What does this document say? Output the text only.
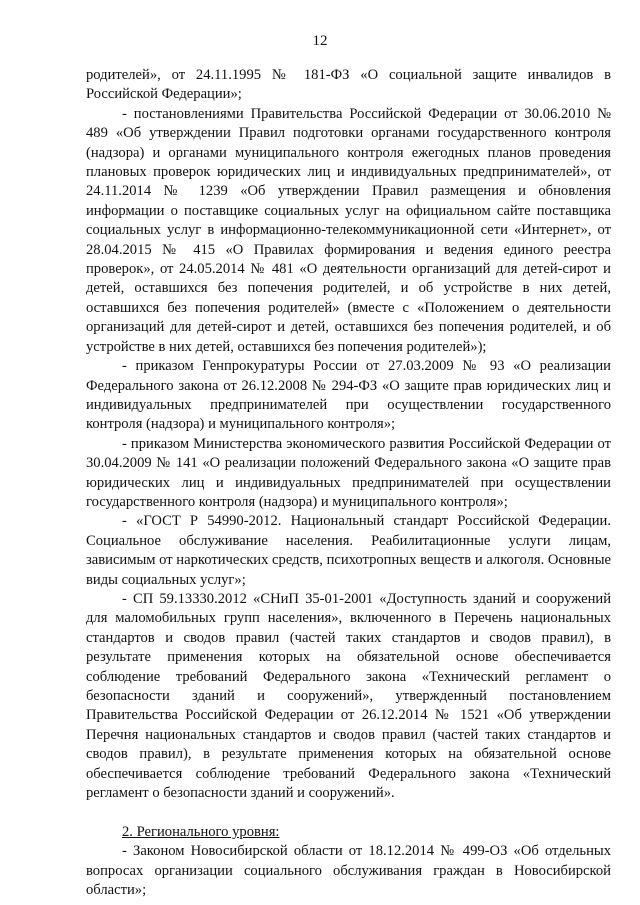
12

родителей», от 24.11.1995 № 181-ФЗ «О социальной защите инвалидов в Российской Федерации»;

- постановлениями Правительства Российской Федерации от 30.06.2010 № 489 «Об утверждении Правил подготовки органами государственного контроля (надзора) и органами муниципального контроля ежегодных планов проведения плановых проверок юридических лиц и индивидуальных предпринимателей», от 24.11.2014 № 1239 «Об утверждении Правил размещения и обновления информации о поставщике социальных услуг на официальном сайте поставщика социальных услуг в информационно-телекоммуникационной сети «Интернет», от 28.04.2015 № 415 «О Правилах формирования и ведения единого реестра проверок», от 24.05.2014 № 481 «О деятельности организаций для детей-сирот и детей, оставшихся без попечения родителей, и об устройстве в них детей, оставшихся без попечения родителей» (вместе с «Положением о деятельности организаций для детей-сирот и детей, оставшихся без попечения родителей, и об устройстве в них детей, оставшихся без попечения родителей»);

- приказом Генпрокуратуры России от 27.03.2009 № 93 «О реализации Федерального закона от 26.12.2008 № 294-ФЗ «О защите прав юридических лиц и индивидуальных предпринимателей при осуществлении государственного контроля (надзора) и муниципального контроля»;

- приказом Министерства экономического развития Российской Федерации от 30.04.2009 № 141 «О реализации положений Федерального закона «О защите прав юридических лиц и индивидуальных предпринимателей при осуществлении государственного контроля (надзора) и муниципального контроля»;

- «ГОСТ Р 54990-2012. Национальный стандарт Российской Федерации. Социальное обслуживание населения. Реабилитационные услуги лицам, зависимым от наркотических средств, психотропных веществ и алкоголя. Основные виды социальных услуг»;

- СП 59.13330.2012 «СНиП 35-01-2001 «Доступность зданий и сооружений для маломобильных групп населения», включенного в Перечень национальных стандартов и сводов правил (частей таких стандартов и сводов правил), в результате применения которых на обязательной основе обеспечивается соблюдение требований Федерального закона «Технический регламент о безопасности зданий и сооружений», утвержденный постановлением Правительства Российской Федерации от 26.12.2014 № 1521 «Об утверждении Перечня национальных стандартов и сводов правил (частей таких стандартов и сводов правил), в результате применения которых на обязательной основе обеспечивается соблюдение требований Федерального закона «Технический регламент о безопасности зданий и сооружений».

2. Регионального уровня:

- Законом Новосибирской области от 18.12.2014 № 499-ОЗ «Об отдельных вопросах организации социального обслуживания граждан в Новосибирской области»;
